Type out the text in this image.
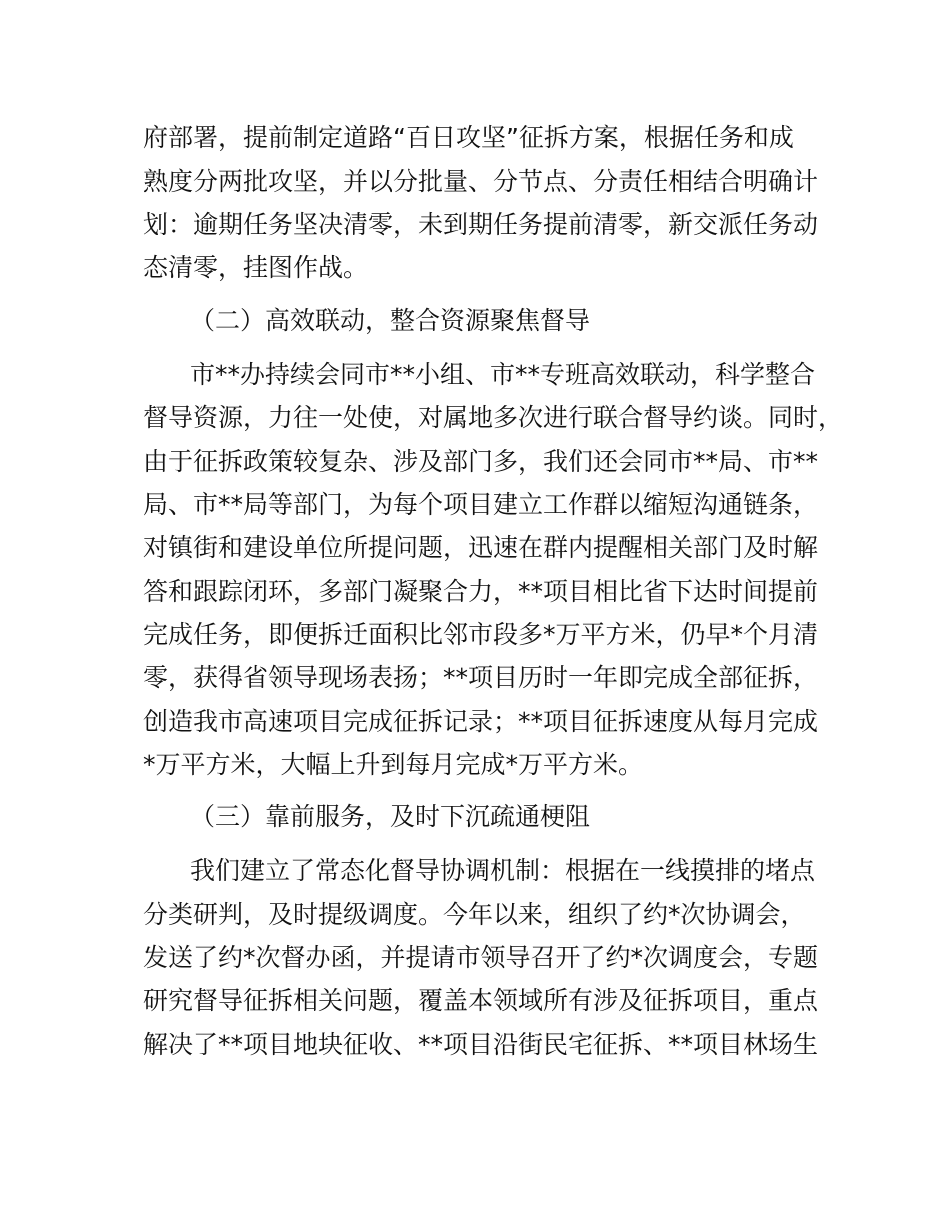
府部署，提前制定道路“百日攻坚”征拆方案，根据任务和成
熟度分两批攻坚，并以分批量、分节点、分责任相结合明确计
划：逾期任务坚决清零，未到期任务提前清零，新交派任务动
态清零，挂图作战。
（二）高效联动，整合资源聚焦督导
市**办持续会同市**小组、市**专班高效联动，科学整合
督导资源，力往一处使，对属地多次进行联合督导约谈。同时，
由于征拆政策较复杂、涉及部门多，我们还会同市**局、市**
局、市**局等部门，为每个项目建立工作群以缩短沟通链条，
对镇街和建设单位所提问题，迅速在群内提醒相关部门及时解
答和跟踪闭环，多部门凝聚合力，**项目相比省下达时间提前
完成任务，即便拆迁面积比邻市段多*万平方米，仍早*个月清
零，获得省领导现场表扬；**项目历时一年即完成全部征拆，
创造我市高速项目完成征拆记录；**项目征拆速度从每月完成
*万平方米，大幅上升到每月完成*万平方米。
（三）靠前服务，及时下沉疏通梗阻
我们建立了常态化督导协调机制：根据在一线摸排的堵点
分类研判，及时提级调度。今年以来，组织了约*次协调会，
发送了约*次督办函，并提请市领导召开了约*次调度会，专题
研究督导征拆相关问题，覆盖本领域所有涉及征拆项目，重点
解决了**项目地块征收、**项目沿街民宅征拆、**项目林场生
